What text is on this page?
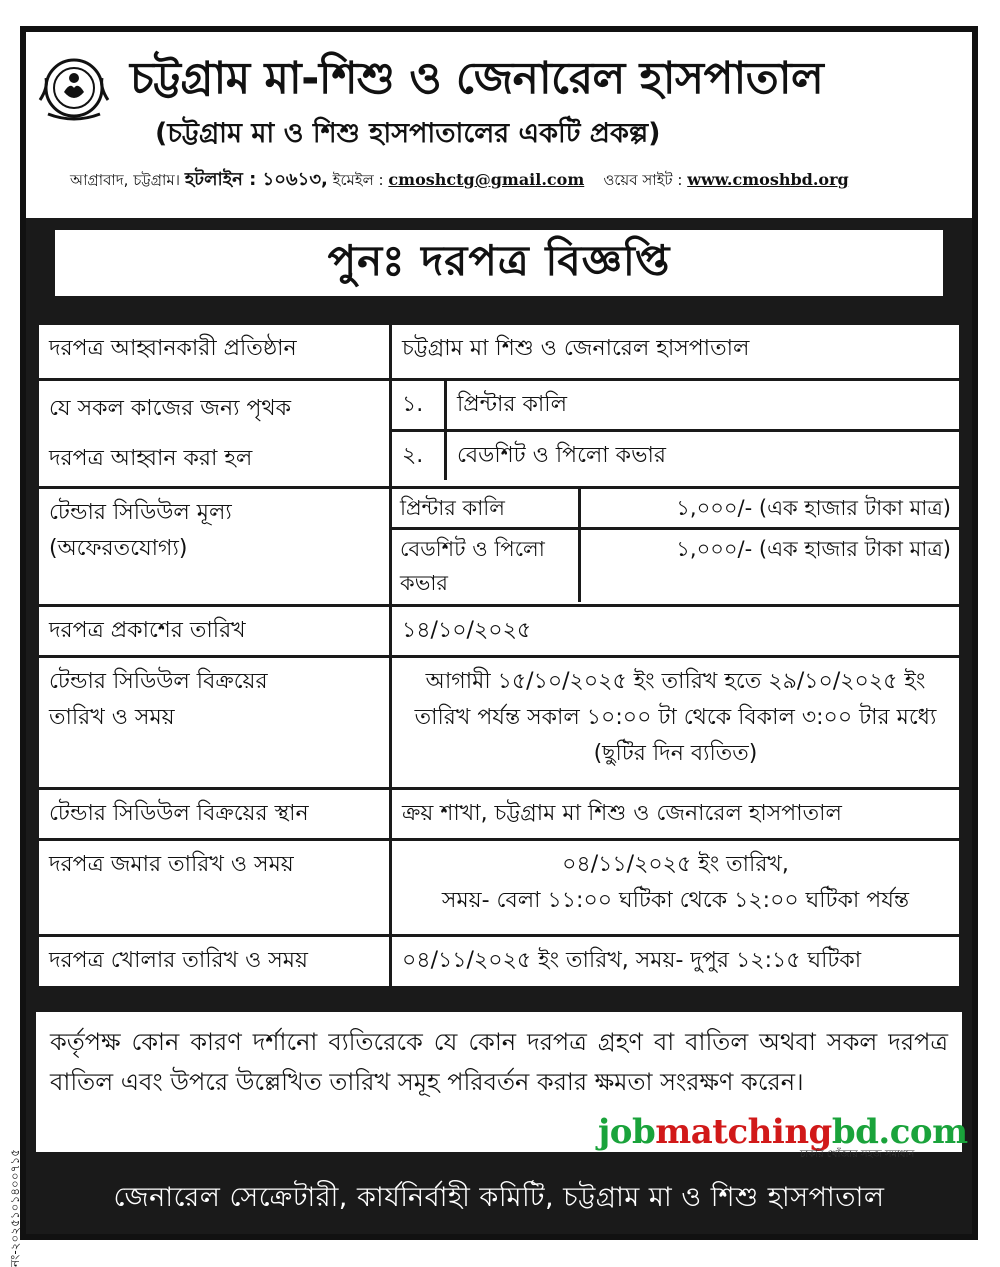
চট্টগ্রাম মা-শিশু ও জেনারেল হাসপাতাল
(চট্টগ্রাম মা ও শিশু হাসপাতালের একটি প্রকল্প)
আগ্রাবাদ, চট্টগ্রাম। হটলাইন : ১০৬১৩, ইমেইল : cmoshctg@gmail.com ওয়েব সাইট : www.cmoshbd.org
পুনঃ দরপত্র বিজ্ঞপ্তি
দরপত্র আহ্বানকারী প্রতিষ্ঠান	চট্টগ্রাম মা শিশু ও জেনারেল হাসপাতাল

যে সকল কাজের জন্য পৃথক
দরপত্র আহ্বান করা হল

১.	প্রিন্টার কালি
২.	বেডশিট ও পিলো কভার

টেন্ডার সিডিউল মূল্য
(অফেরতযোগ্য)

প্রিন্টার কালি	১,০০০/- (এক হাজার টাকা মাত্র)
বেডশিট ও পিলো কভার	১,০০০/- (এক হাজার টাকা মাত্র)

দরপত্র প্রকাশের তারিখ	১৪/১০/২০২৫

টেন্ডার সিডিউল বিক্রয়ের
তারিখ ও সময়
	আগামী ১৫/১০/২০২৫ ইং তারিখ হতে ২৯/১০/২০২৫ ইং তারিখ পর্যন্ত সকাল ১০:০০ টা থেকে বিকাল ৩:০০ টার মধ্যে (ছুটির দিন ব্যতিত)
টেন্ডার সিডিউল বিক্রয়ের স্থান	ক্রয় শাখা, চট্টগ্রাম মা শিশু ও জেনারেল হাসপাতাল
দরপত্র জমার তারিখ ও সময়	০৪/১১/২০২৫ ইং তারিখ,
সময়- বেলা ১১:০০ ঘটিকা থেকে ১২:০০ ঘটিকা পর্যন্ত

দরপত্র খোলার তারিখ ও সময়	০৪/১১/২০২৫ ইং তারিখ, সময়- দুপুর ১২:১৫ ঘটিকা
কর্তৃপক্ষ কোন কারণ দর্শানো ব্যতিরেকে যে কোন দরপত্র গ্রহণ বা বাতিল অথবা সকল দরপত্র বাতিল এবং উপরে উল্লেখিত তারিখ সমূহ পরিবর্তন করার ক্ষমতা সংরক্ষণ করেন।
jobmatchingbd.com
চাকরি খোঁজার সহজ সমাধান
জেনারেল সেক্রেটারী, কার্যনির্বাহী কমিটি, চট্টগ্রাম মা ও শিশু হাসপাতাল
নং-২০২৫১০১৪০০৭১৫
